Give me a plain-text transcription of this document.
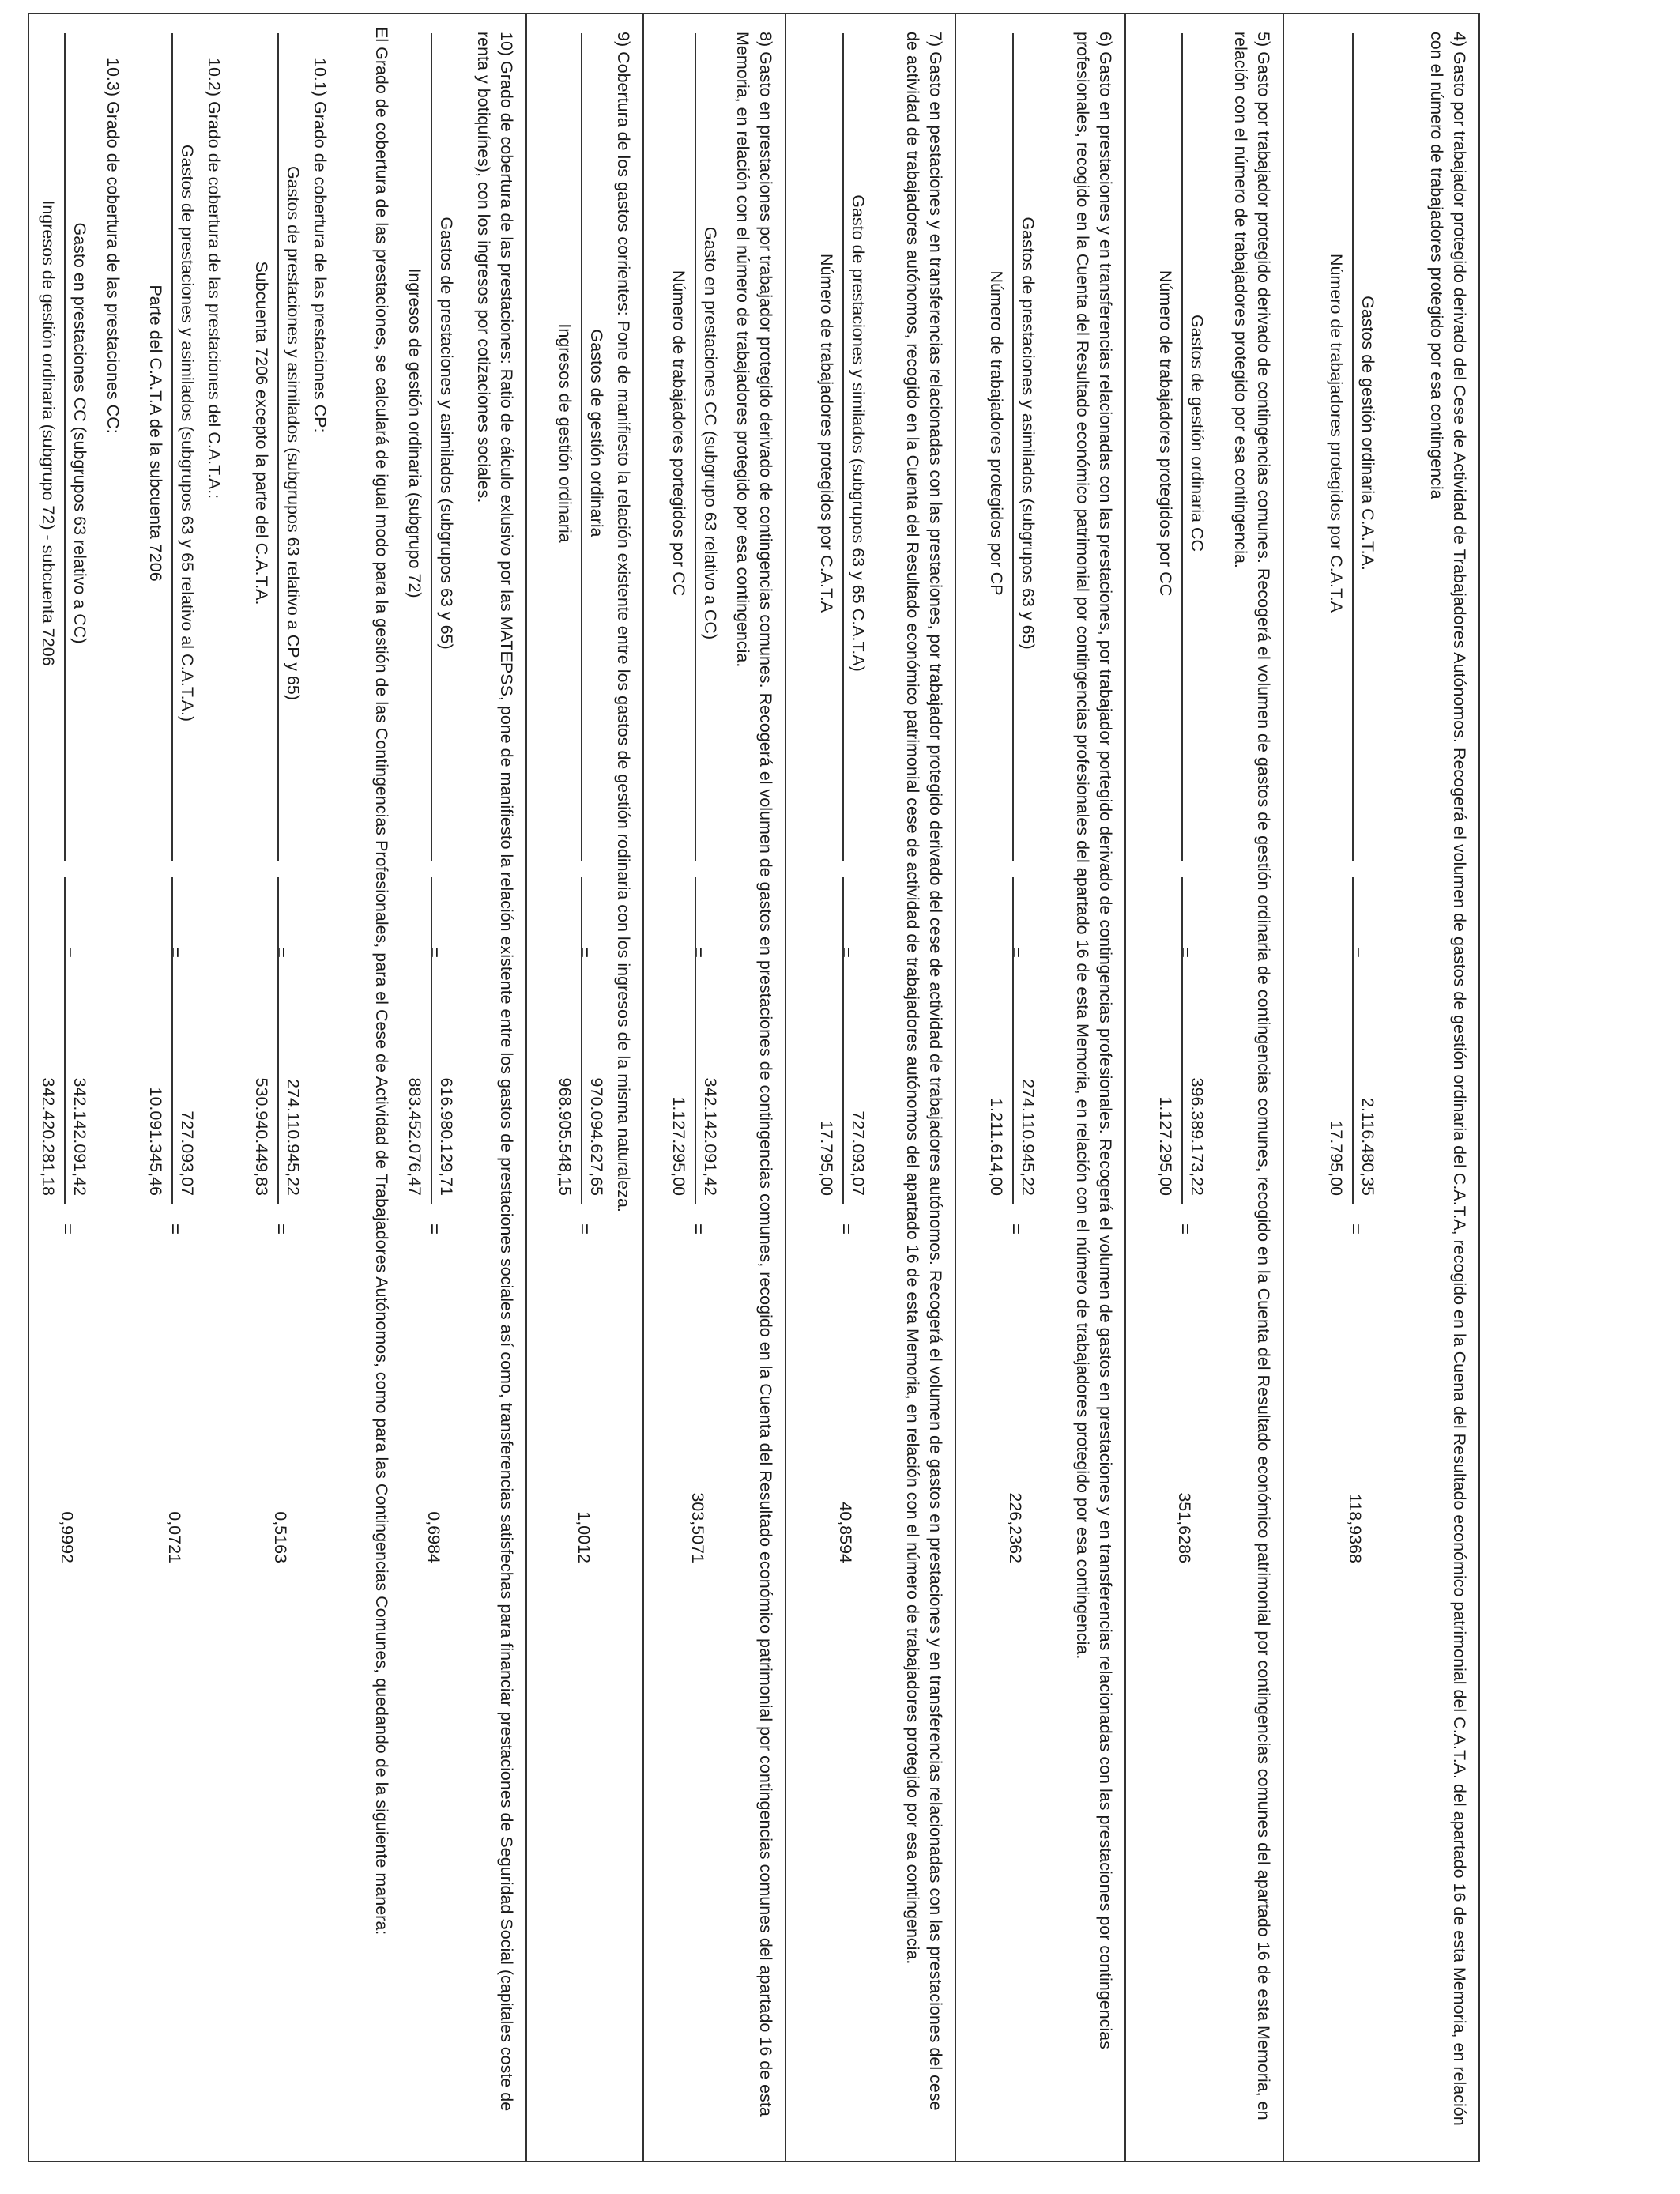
4) Gasto por trabajador protegido derivado del Cese de Actividad de Trabajadores Autónomos. Recogerá el volumen de gastos de gestión ordinaria del C.A.T.A, recogido en la Cuena del Resultado económico patrimonial del C.A.T.A. del apartado 16 de esta Memoria, en relación con el número de trabajadores protegido por esa contingencia
Gastos de gestión ordinaria C.A.T.A.
Número de trabajadores protegidos por C.A.T.A
=
2.116.480,35
17.795,00
=
118,9368
5) Gasto por trabajador protegido derivado de contingencias comunes. Recogerá el volumen de gastos de gestión ordinaria de contingencias comunes, recogido en la Cuenta del Resultado económico patrimonial por contingencias comunes del apartado 16 de esta Memoria, en relación con el número de trabajadores protegido por esa contingencia.
Gastos de gestión ordinaria CC
Número de trabajadores protegidos por CC
=
396.389.173,22
1.127.295,00
=
351,6286
6) Gasto en prestaciones y en transferencias relacionadas con las prestaciones, por trabajador portegido derivado de contingencias profesionales. Recogerá el volumen de gastos en prestaciones y en transferencias relacionadas con las prestaciones por contingencias profesionales, recogido en la Cuenta del Resultado económico patrimonial por contingencias profesionales del apartado 16 de esta Memoria, en relación con el número de trabajadores protegido por esa contingencia.
Gastos de prestaciones y asimilados (subgrupos 63 y 65)
Número de trabajadores protegidos por CP
=
274.110.945,22
1.211.614,00
=
226,2362
7) Gasto en pestaciones y en transferencias relacionadas con las prestaciones, por trabajador protegido derivado del cese de actividad de trabajadores autónomos. Recogerá el volumen de gastos en prestaciones y en transferencias relacionadas con las prestaciones del cese de actividad de trabajadores autónomos, recogido en la Cuenta del Resultado económico patrimonial cese de actividad de trabajadores autónomos del apartado 16 de esta Memoria, en relación con el número de trabajadores protegido por esa contingencia.
Gasto de prestaciones y similados (subgrupos 63 y 65 C.A.T.A)
Número de trabajadores protegidos por C.A.T.A
=
727.093,07
17.795,00
=
40,8594
8) Gasto en prestaciones por trabajador protegido derivado de contingencias comunes. Recogerá el volumen de gastos en prestaciones de contingencias comunes, recogido en la Cuenta del Resultado económico patrimonial por contingencias comunes del apartado 16 de esta Memoria, en relación con el número de trabajadores protegido por esa contingencia.
Gasto en prestaciones CC (subgrupo 63 relativo a CC)
Número de trabajadores portegidos por CC
=
342.142.091,42
1.127.295,00
=
303,5071
9) Cobertura de los gastos corrientes: Pone de manifiesto la relación existente entre los gastos de gestión rodinaria con los ingresos de la misma naturaleza.
Gastos de gestión ordinaria
Ingresos de gestión ordinaria
=
970.094.627,65
968.905.548,15
=
1,0012
10) Grado de cobertura de las prestaciones: Ratio de cálculo exlusivo por las MATEPSS, pone de manifiesto la relación existente entre los gastos de prestaciones sociales así como, transferencias satisfechas para financiar prestaciones de Seguridad Social (capitales coste de renta y botiquínes), con los ingresos por cotizaciones sociales.
Gastos de prestaciones y asimilados (subgrupos 63 y 65)
Ingresos de gestión ordinaria (subgrupo 72)
=
616.980.129,71
883.452.076,47
=
0,6984
El Grado de cobertura de las prestaciones, se calculará de igual modo para la gestión de las Contingencias Profesionales, para el Cese de Actividad de Trabajadores Autónomos, como para las Contingencias Comunes, quedando de la siguiente manera:
10.1) Grado de cobertura de las prestaciones CP:
Gastos de prestaciones y asimilados (subgrupos 63 relativo a CP y 65)
Subcuenta 7206 excepto la parte del C.A.T.A.
=
274.110.945,22
530.940.449,83
=
0,5163
10.2) Grado de cobertura de las prestaciones del C.A.T.A.:
Gastos de prestaciones y asimilados (subgrupos 63 y 65 relativo al C.A.T.A.)
Parte del C.A.T.A de la subcuenta 7206
=
727.093,07
10.091.345,46
=
0,0721
10.3) Grado de cobertura de las prestaciones CC:
Gasto en prestaciones CC (subgrupos 63 relativo a CC)
Ingresos de gestión ordinaria (subgrupo 72) - subcuenta 7206
=
342.142.091,42
342.420.281,18
=
0,9992
